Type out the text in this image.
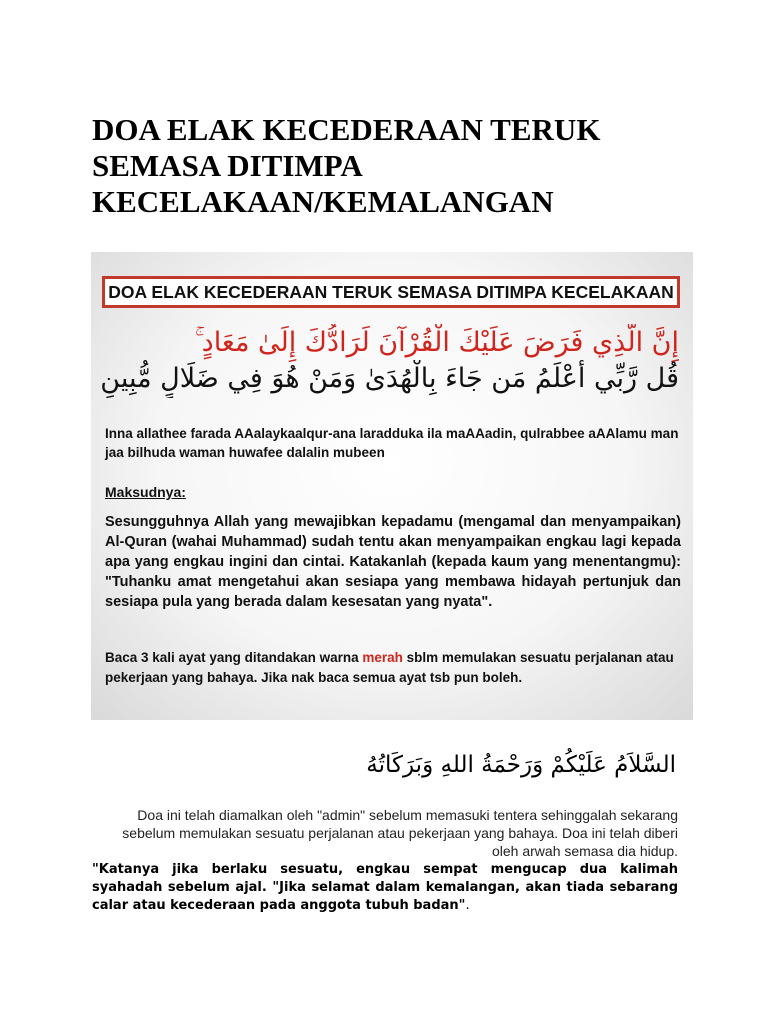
DOA ELAK KECEDERAAN TERUK
SEMASA DITIMPA
KECELAKAAN/KEMALANGAN
DOA ELAK KECEDERAAN TERUK SEMASA DITIMPA KECELAKAAN
إِنَّ الَّذِي فَرَضَ عَلَيْكَ الْقُرْآنَ لَرَادُّكَ إِلَىٰ مَعَادٍ ۚ
قُل رَّبِّي أَعْلَمُ مَن جَاءَ بِالْهُدَىٰ وَمَنْ هُوَ فِي ضَلَالٍ مُّبِينٍ
Inna allathee farada AAalaykaalqur-ana laradduka ila maAAadin, qulrabbee aAAlamu man jaa bilhuda waman huwafee dalalin mubeen
Maksudnya:
Sesungguhnya Allah yang mewajibkan kepadamu (mengamal dan menyampaikan) Al-Quran (wahai Muhammad) sudah tentu akan menyampaikan engkau lagi kepada apa yang engkau ingini dan cintai. Katakanlah (kepada kaum yang menentangmu): "Tuhanku amat mengetahui akan sesiapa yang membawa hidayah pertunjuk dan sesiapa pula yang berada dalam kesesatan yang nyata".
Baca 3 kali ayat yang ditandakan warna merah sblm memulakan sesuatu perjalanan atau pekerjaan yang bahaya. Jika nak baca semua ayat tsb pun boleh.
السَّلاَمُ عَلَيْكُمْ وَرَحْمَةُ اللهِ وَبَرَكَاتُهُ
Doa ini telah diamalkan oleh "admin" sebelum memasuki tentera sehinggalah sekarang sebelum memulakan sesuatu perjalanan atau pekerjaan yang bahaya. Doa ini telah diberi oleh arwah semasa dia hidup.
"Katanya jika berlaku sesuatu, engkau sempat mengucap dua kalimah syahadah sebelum ajal. "Jika selamat dalam kemalangan, akan tiada sebarang calar atau kecederaan pada anggota tubuh badan".
